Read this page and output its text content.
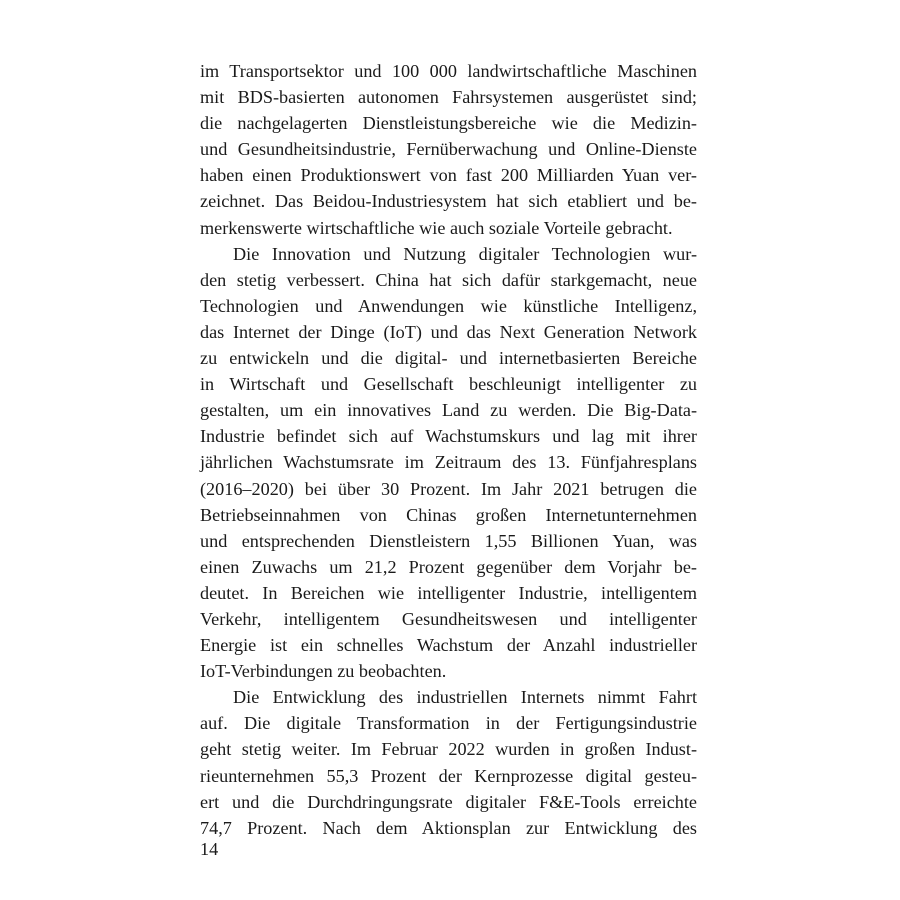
im Transportsektor und 100 000 landwirtschaftliche Maschinen
mit BDS-basierten autonomen Fahrsystemen ausgerüstet sind;
die nachgelagerten Dienstleistungsbereiche wie die Medizin-
und Gesundheitsindustrie, Fernüberwachung und Online-Dienste
haben einen Produktionswert von fast 200 Milliarden Yuan ver-
zeichnet. Das Beidou-Industriesystem hat sich etabliert und be-
merkenswerte wirtschaftliche wie auch soziale Vorteile gebracht.
Die Innovation und Nutzung digitaler Technologien wur-
den stetig verbessert. China hat sich dafür starkgemacht, neue
Technologien und Anwendungen wie künstliche Intelligenz,
das Internet der Dinge (IoT) und das Next Generation Network
zu entwickeln und die digital- und internetbasierten Bereiche
in Wirtschaft und Gesellschaft beschleunigt intelligenter zu
gestalten, um ein innovatives Land zu werden. Die Big-Data-
Industrie befindet sich auf Wachstumskurs und lag mit ihrer
jährlichen Wachstumsrate im Zeitraum des 13. Fünfjahresplans
(2016–2020) bei über 30 Prozent. Im Jahr 2021 betrugen die
Betriebseinnahmen von Chinas großen Internetunternehmen
und entsprechenden Dienstleistern 1,55 Billionen Yuan, was
einen Zuwachs um 21,2 Prozent gegenüber dem Vorjahr be-
deutet. In Bereichen wie intelligenter Industrie, intelligentem
Verkehr, intelligentem Gesundheitswesen und intelligenter
Energie ist ein schnelles Wachstum der Anzahl industrieller
IoT-Verbindungen zu beobachten.
Die Entwicklung des industriellen Internets nimmt Fahrt
auf. Die digitale Transformation in der Fertigungsindustrie
geht stetig weiter. Im Februar 2022 wurden in großen Indust-
rieunternehmen 55,3 Prozent der Kernprozesse digital gesteu-
ert und die Durchdringungsrate digitaler F&E-Tools erreichte
74,7 Prozent. Nach dem Aktionsplan zur Entwicklung des
14
